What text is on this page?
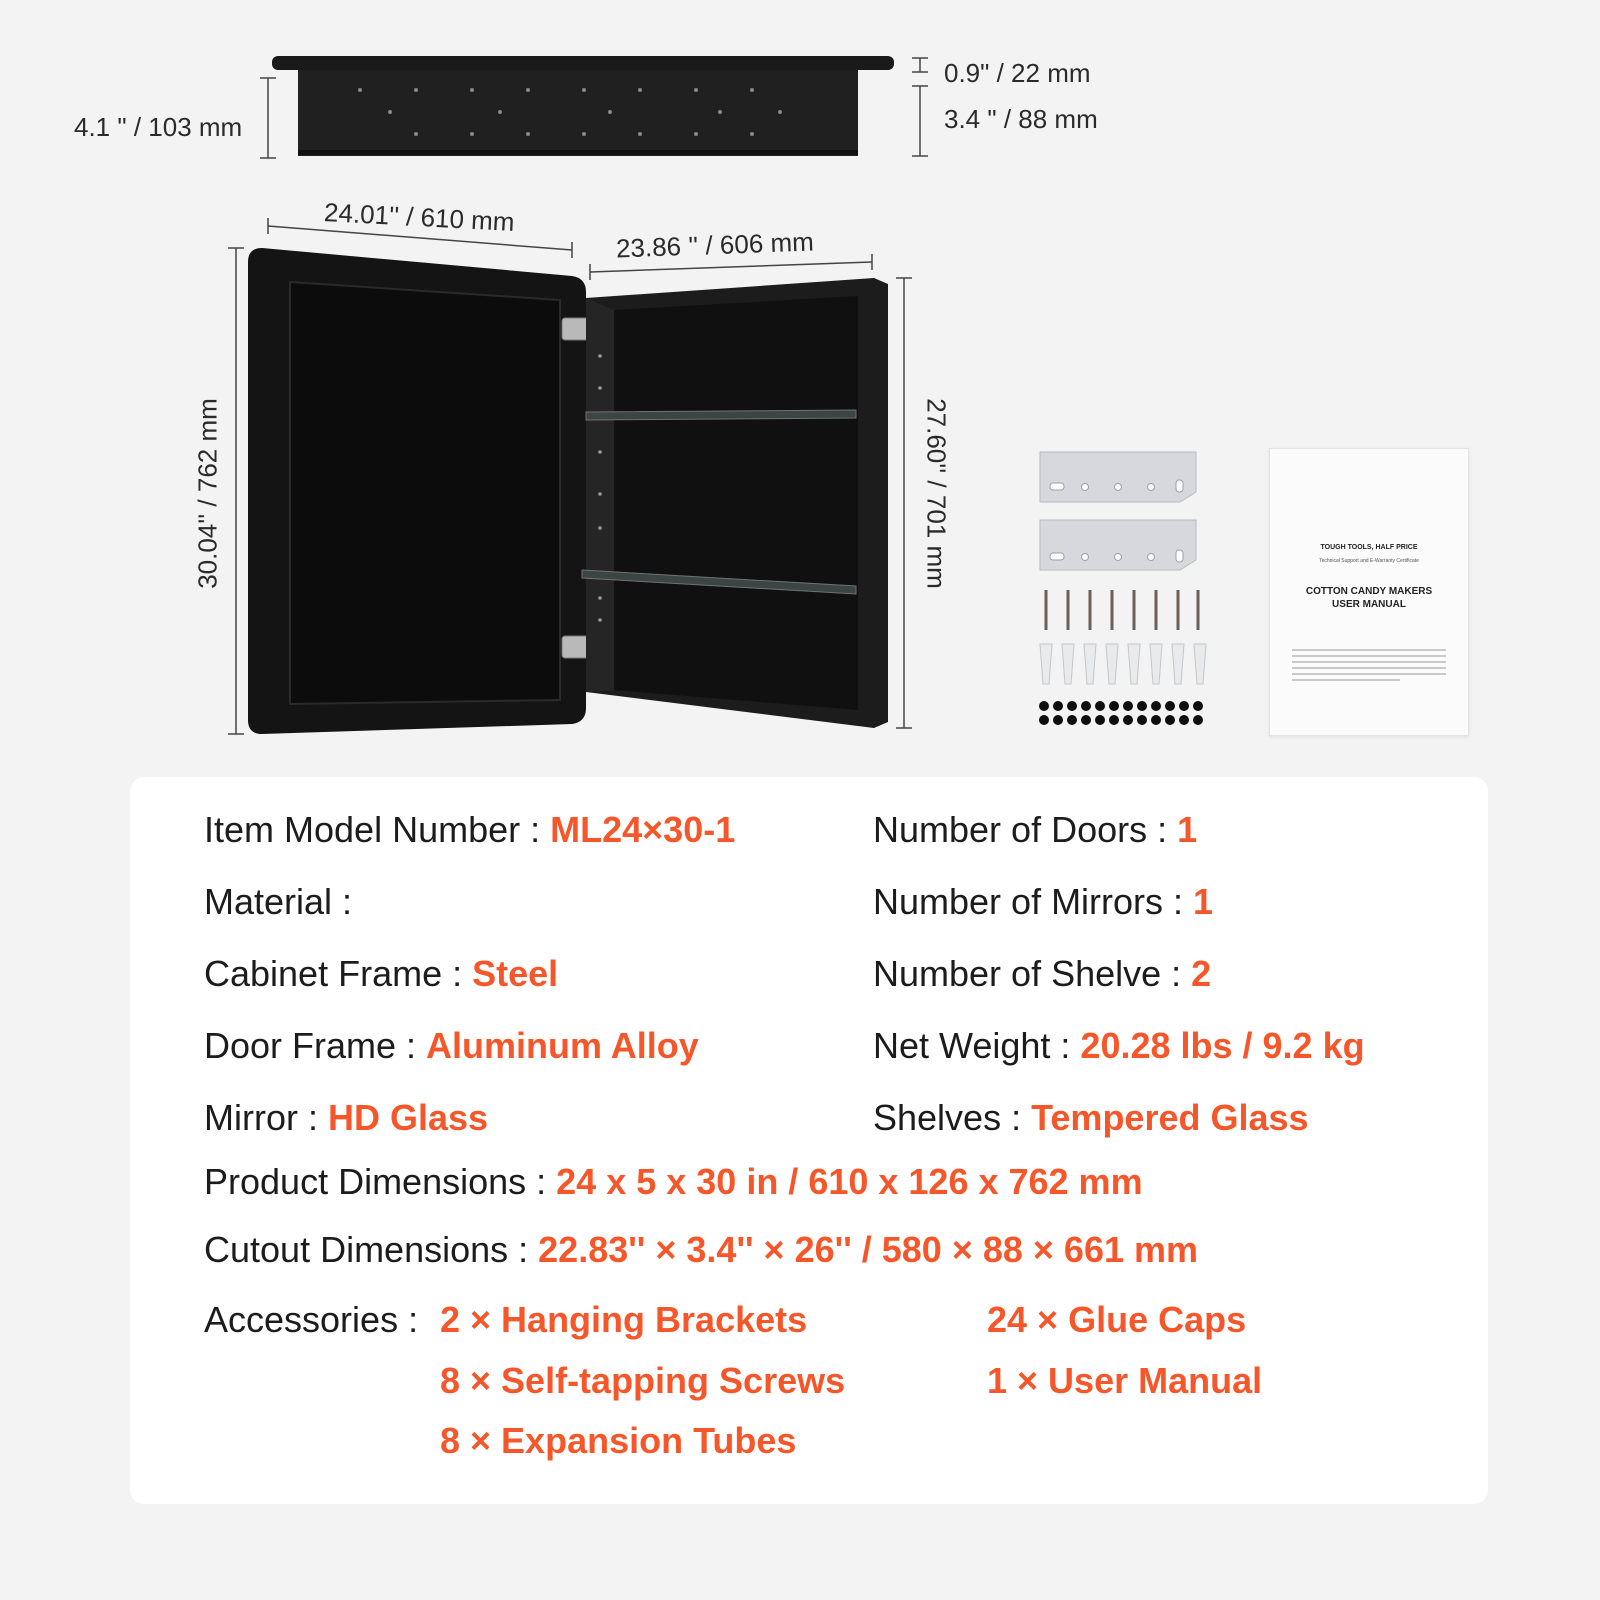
0.9" / 22 mm
3.4 " / 88 mm
4.1 " / 103 mm
24.01'' / 610 mm
23.86 '' / 606 mm
30.04'' / 762 mm	27.60'' / 701 mm	TOUGH TOOLS, HALF PRICE
Technical Support and E-Warranty Certificate
COTTON CANDY MAKERS
USER MANUAL
Item Model Number : ML24×30-1
Material :
Cabinet Frame : Steel
Door Frame : Aluminum Alloy
Mirror : HD Glass
Number of Doors : 1
Number of Mirrors : 1
Number of Shelve : 2
Net Weight : 20.28 lbs / 9.2 kg
Shelves : Tempered Glass
Product Dimensions : 24 x 5 x 30 in / 610 x 126 x 762 mm
Cutout Dimensions : 22.83'' × 3.4'' × 26'' / 580 × 88 × 661 mm
Accessories : 2 × Hanging Brackets
8 × Self-tapping Screws
8 × Expansion Tubes
24 × Glue Caps
1 × User Manual
